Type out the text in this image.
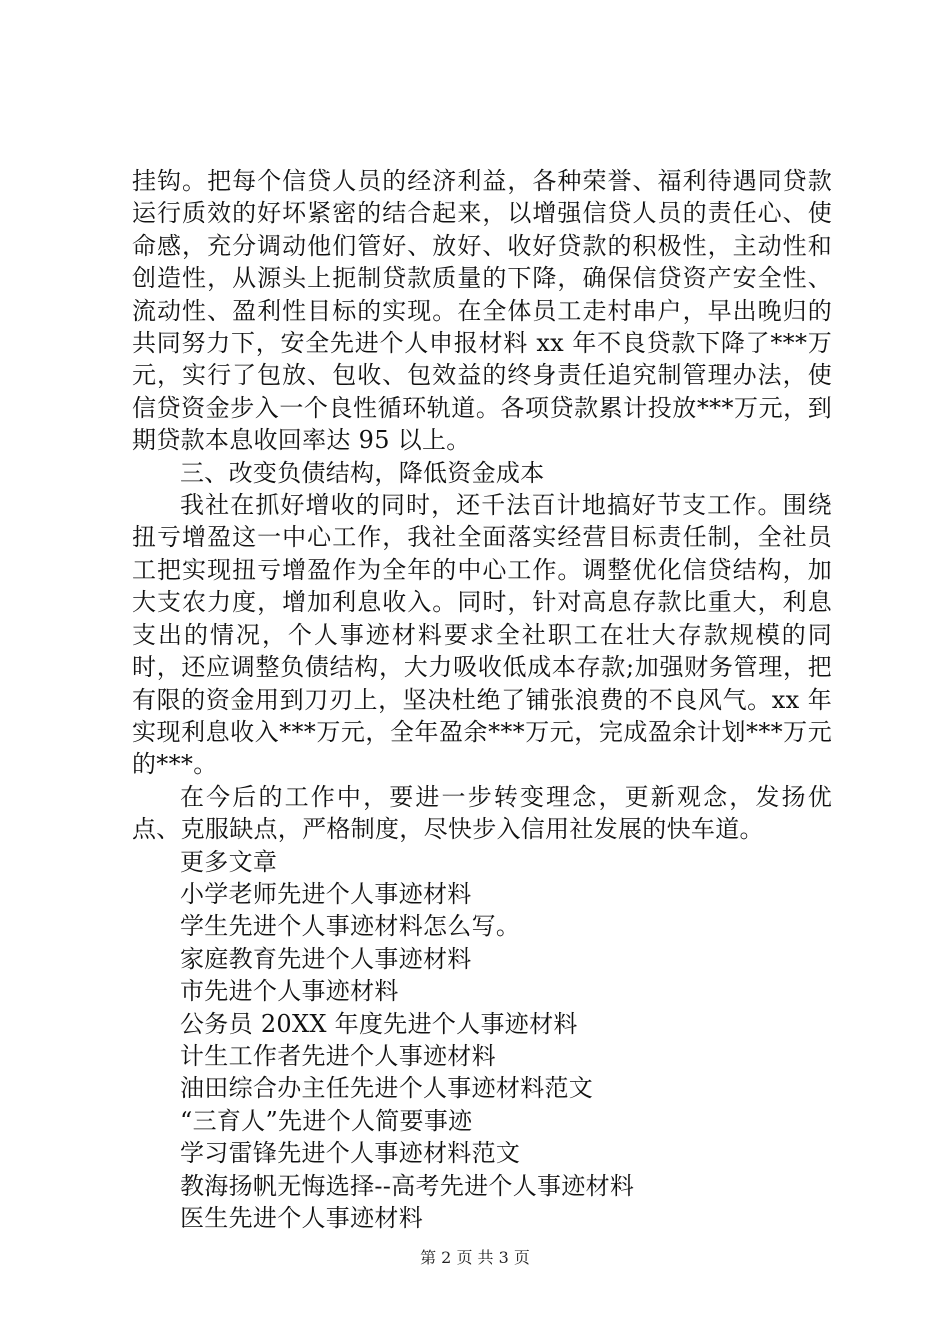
挂钩。把每个信贷人员的经济利益，各种荣誉、福利待遇同贷款运行质效的好坏紧密的结合起来，以增强信贷人员的责任心、使命感，充分调动他们管好、放好、收好贷款的积极性，主动性和创造性，从源头上扼制贷款质量的下降，确保信贷资产安全性、流动性、盈利性目标的实现。在全体员工走村串户，早出晚归的共同努力下，安全先进个人申报材料 xx 年不良贷款下降了***万元，实行了包放、包收、包效益的终身责任追究制管理办法，使信贷资金步入一个良性循环轨道。各项贷款累计投放***万元，到期贷款本息收回率达 95 以上。

三、改变负债结构，降低资金成本

我社在抓好增收的同时，还千法百计地搞好节支工作。围绕扭亏增盈这一中心工作，我社全面落实经营目标责任制，全社员工把实现扭亏增盈作为全年的中心工作。调整优化信贷结构，加大支农力度，增加利息收入。同时，针对高息存款比重大，利息支出的情况，个人事迹材料要求全社职工在壮大存款规模的同时，还应调整负债结构，大力吸收低成本存款;加强财务管理，把有限的资金用到刀刃上，坚决杜绝了铺张浪费的不良风气。xx 年实现利息收入***万元，全年盈余***万元，完成盈余计划***万元的***。

在今后的工作中，要进一步转变理念，更新观念，发扬优点、克服缺点，严格制度，尽快步入信用社发展的快车道。

更多文章

小学老师先进个人事迹材料
学生先进个人事迹材料怎么写。
家庭教育先进个人事迹材料
市先进个人事迹材料
公务员 20XX 年度先进个人事迹材料
计生工作者先进个人事迹材料
油田综合办主任先进个人事迹材料范文
“三育人”先进个人简要事迹
学习雷锋先进个人事迹材料范文
教海扬帆无悔选择--高考先进个人事迹材料
医生先进个人事迹材料
第 2 页 共 3 页
